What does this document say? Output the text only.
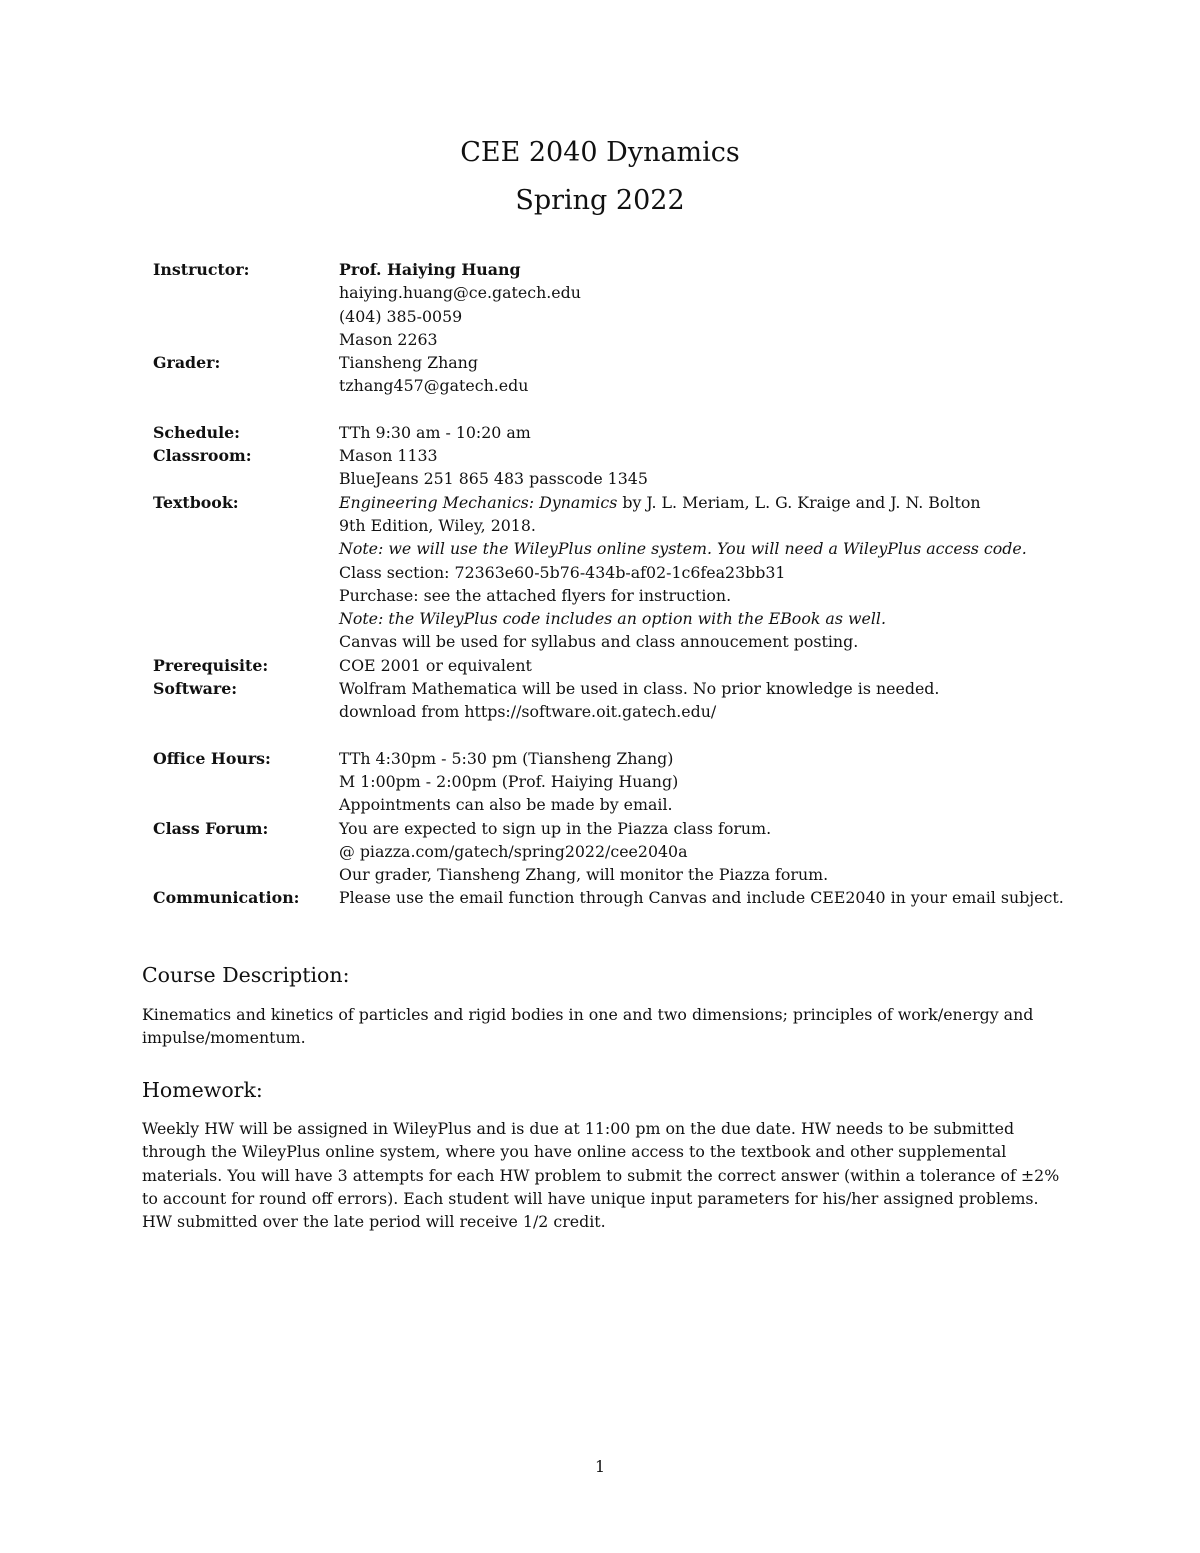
CEE 2040 Dynamics
Spring 2022
Instructor:	Prof. Haiying Huang
haiying.huang@ce.gatech.edu
(404) 385-0059
Mason 2263
Grader:	Tiansheng Zhang
tzhang457@gatech.edu
Schedule:	TTh 9:30 am - 10:20 am
Classroom:	Mason 1133
BlueJeans 251 865 483 passcode 1345
Textbook:	Engineering Mechanics: Dynamics by J. L. Meriam, L. G. Kraige and J. N. Bolton
9th Edition, Wiley, 2018.
Note: we will use the WileyPlus online system. You will need a WileyPlus access code.
Class section: 72363e60-5b76-434b-af02-1c6fea23bb31
Purchase: see the attached flyers for instruction.
Note: the WileyPlus code includes an option with the EBook as well.
Canvas will be used for syllabus and class annoucement posting.
Prerequisite:	COE 2001 or equivalent
Software:	Wolfram Mathematica will be used in class. No prior knowledge is needed.
download from https://software.oit.gatech.edu/
Office Hours:	TTh 4:30pm - 5:30 pm (Tiansheng Zhang)
M 1:00pm - 2:00pm (Prof. Haiying Huang)
Appointments can also be made by email.
Class Forum:	You are expected to sign up in the Piazza class forum.
@ piazza.com/gatech/spring2022/cee2040a
Our grader, Tiansheng Zhang, will monitor the Piazza forum.
Communication:	Please use the email function through Canvas and include CEE2040 in your email subject.
Course Description:

Kinematics and kinetics of particles and rigid bodies in one and two dimensions; principles of work/energy and impulse/momentum.

Homework:

Weekly HW will be assigned in WileyPlus and is due at 11:00 pm on the due date. HW needs to be submitted through the WileyPlus online system, where you have online access to the textbook and other supplemental materials. You will have 3 attempts for each HW problem to submit the correct answer (within a tolerance of ±2% to account for round off errors). Each student will have unique input parameters for his/her assigned problems. HW submitted over the late period will receive 1/2 credit.

1
